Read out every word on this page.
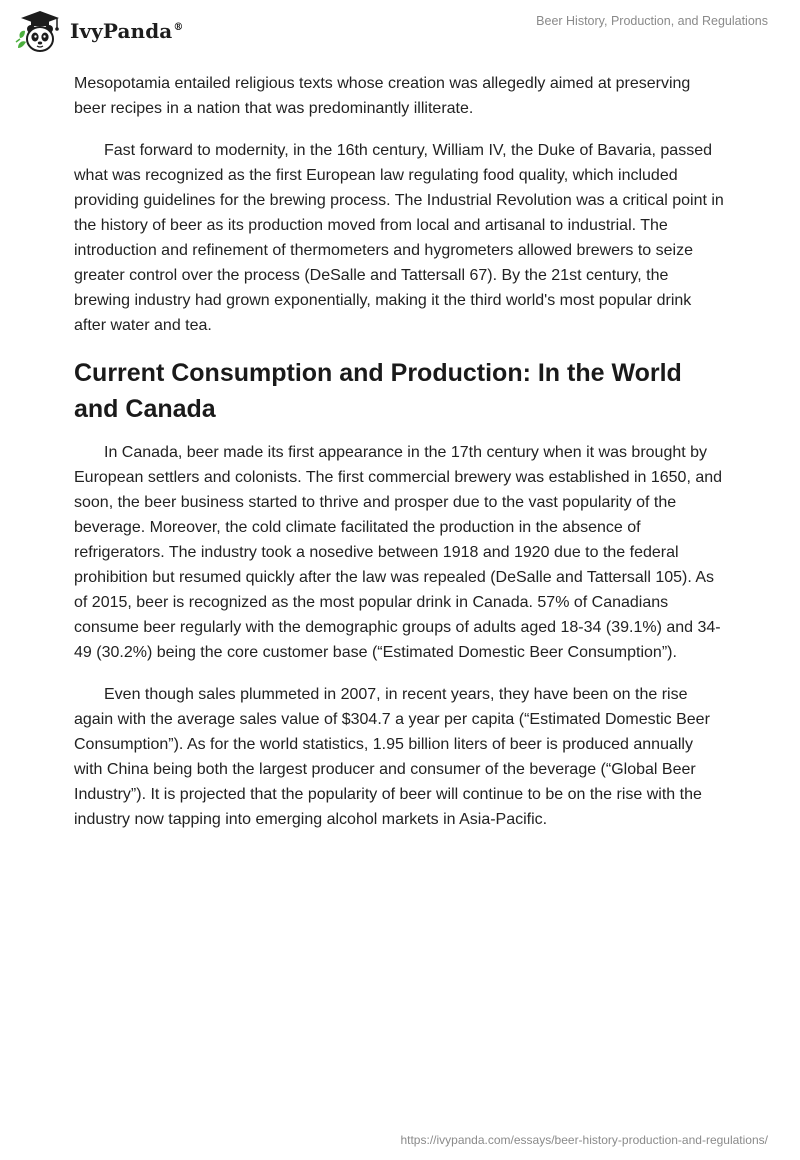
IvyPanda®	Beer History, Production, and Regulations

Mesopotamia entailed religious texts whose creation was allegedly aimed at preserving beer recipes in a nation that was predominantly illiterate.

Fast forward to modernity, in the 16th century, William IV, the Duke of Bavaria, passed what was recognized as the first European law regulating food quality, which included providing guidelines for the brewing process. The Industrial Revolution was a critical point in the history of beer as its production moved from local and artisanal to industrial. The introduction and refinement of thermometers and hygrometers allowed brewers to seize greater control over the process (DeSalle and Tattersall 67). By the 21st century, the brewing industry had grown exponentially, making it the third world's most popular drink after water and tea.

Current Consumption and Production: In the World and Canada

In Canada, beer made its first appearance in the 17th century when it was brought by European settlers and colonists. The first commercial brewery was established in 1650, and soon, the beer business started to thrive and prosper due to the vast popularity of the beverage. Moreover, the cold climate facilitated the production in the absence of refrigerators. The industry took a nosedive between 1918 and 1920 due to the federal prohibition but resumed quickly after the law was repealed (DeSalle and Tattersall 105). As of 2015, beer is recognized as the most popular drink in Canada. 57% of Canadians consume beer regularly with the demographic groups of adults aged 18-34 (39.1%) and 34-49 (30.2%) being the core customer base (“Estimated Domestic Beer Consumption”).

Even though sales plummeted in 2007, in recent years, they have been on the rise again with the average sales value of $304.7 a year per capita (“Estimated Domestic Beer Consumption”). As for the world statistics, 1.95 billion liters of beer is produced annually with China being both the largest producer and consumer of the beverage (“Global Beer Industry”). It is projected that the popularity of beer will continue to be on the rise with the industry now tapping into emerging alcohol markets in Asia-Pacific.

https://ivypanda.com/essays/beer-history-production-and-regulations/
